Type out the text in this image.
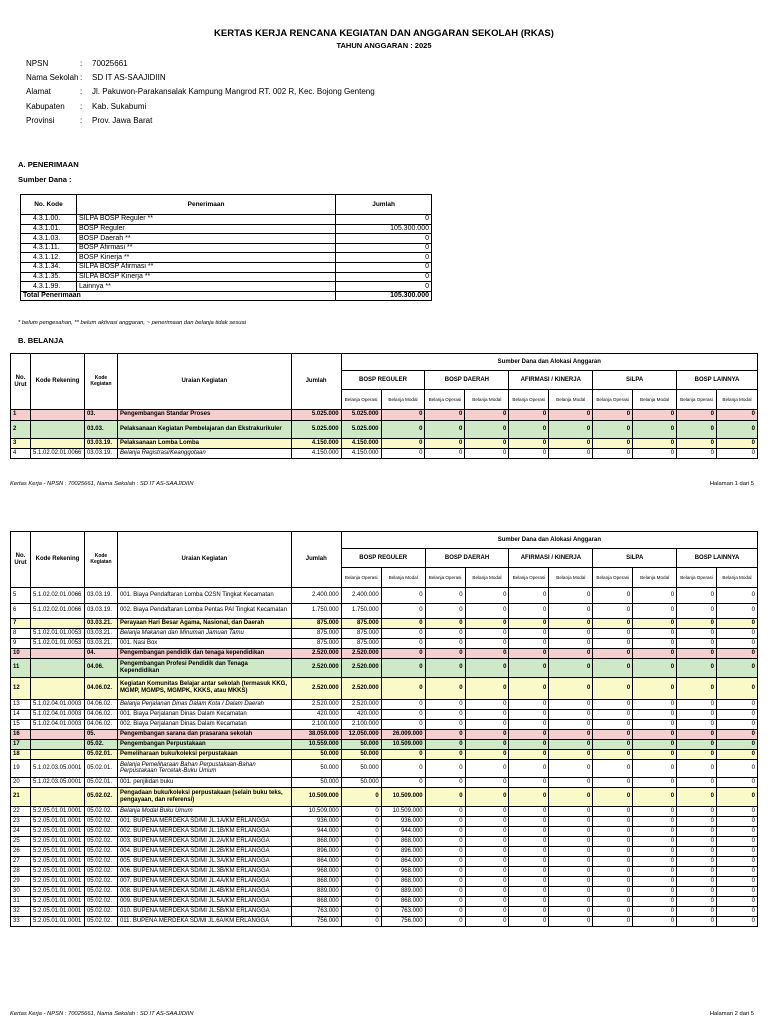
KERTAS KERJA RENCANA KEGIATAN DAN ANGGARAN SEKOLAH (RKAS)
TAHUN ANGGARAN : 2025
NPSN	:	70025661
Nama Sekolah :	SD IT AS-SAAJIDIIN
Alamat	:	Jl. Pakuwon-Parakansalak Kampung Mangrod RT. 002 R, Kec. Bojong Genteng
Kabupaten	:	Kab. Sukabumi
Provinsi	:	Prov. Jawa Barat
A. PENERIMAAN
Sumber Dana :
No. Kode	Penerimaan	Jumlah
4.3.1.00.	SILPA BOSP Reguler **	0
4.3.1.01.	BOSP Reguler	105.300.000
4.3.1.03.	BOSP Daerah **	0
4.3.1.11.	BOSP Afirmasi **	0
4.3.1.12.	BOSP Kinerja **	0
4.3.1.34.	SILPA BOSP Afirmasi **	0
4.3.1.35.	SILPA BOSP Kinerja **	0
4.3.1.99.	Lainnya **	0
Total Penerimaan		105.300.000
* belum pengesahan, ** belum aktivasi anggaran, ~ penerimaan dan belanja tidak sesuai
B. BELANJA
No. Urut	Kode Rekening	Kode Kegiatan	Uraian Kegiatan	Jumlah	Sumber Dana dan Alokasi Anggaran									
					BOSP REGULER		BOSP DAERAH		AFIRMASI / KINERJA		SiLPA		BOSP LAINNYA	
					Belanja Operasi	Belanja Modal	Belanja Operasi	Belanja Modal	Belanja Operasi	Belanja Modal	Belanja Operasi	Belanja Modal	Belanja Operasi	Belanja Modal
1		03.	Pengembangan Standar Proses	5.025.000	5.025.000	0	0	0	0	0	0	0	0	0
2		03.03.	Pelaksanaan Kegiatan Pembelajaran dan Ekstrakurikuler	5.025.000	5.025.000	0	0	0	0	0	0	0	0	0
3		03.03.19.	Pelaksanaan Lomba Lomba	4.150.000	4.150.000	0	0	0	0	0	0	0	0	0
4	5.1.02.02.01.0066	03.03.19.	Belanja Registrasi/Keanggotaan	4.150.000	4.150.000	0	0	0	0	0	0	0	0	0
Kertas Kerja - NPSN : 70025661, Nama Sekolah : SD IT AS-SAAJIDIIN	Halaman 1 dari 5
No. Urut	Kode Rekening	Kode Kegiatan	Uraian Kegiatan	Jumlah	Sumber Dana dan Alokasi Anggaran									
					BOSP REGULER		BOSP DAERAH		AFIRMASI / KINERJA		SiLPA		BOSP LAINNYA	
					Belanja Operasi	Belanja Modal	Belanja Operasi	Belanja Modal	Belanja Operasi	Belanja Modal	Belanja Operasi	Belanja Modal	Belanja Operasi	Belanja Modal
5	5.1.02.02.01.0066	03.03.19.	001. Biaya Pendaftaran Lomba O2SN Tingkat Kecamatan	2.400.000	2.400.000	0	0	0	0	0	0	0	0	0
6	5.1.02.02.01.0066	03.03.19.	002. Biaya Pendaftaran Lomba Pentas PAI Tingkat Kecamatan	1.750.000	1.750.000	0	0	0	0	0	0	0	0	0
7		03.03.21.	Perayaan Hari Besar Agama, Nasional, dan Daerah	875.000	875.000	0	0	0	0	0	0	0	0	0
8	5.1.02.01.01.0053	03.03.21.	Belanja Makanan dan Minuman Jamuan Tamu	875.000	875.000	0	0	0	0	0	0	0	0	0
9	5.1.02.01.01.0053	03.03.21.	001. Nasi Box	875.000	875.000	0	0	0	0	0	0	0	0	0
10		04.	Pengembangan pendidik dan tenaga kependidikan	2.520.000	2.520.000	0	0	0	0	0	0	0	0	0
11		04.06.	Pengembangan Profesi Pendidik dan Tenaga Kependidikan	2.520.000	2.520.000	0	0	0	0	0	0	0	0	0
12		04.06.02.	Kegiatan Komunitas Belajar antar sekolah (termasuk KKG, MGMP, MGMPS, MGMPK, KKKS, atau MKKS)	2.520.000	2.520.000	0	0	0	0	0	0	0	0	0
13	5.1.02.04.01.0003	04.06.02.	Belanja Perjalanan Dinas Dalam Kota / Dalam Daerah	2.520.000	2.520.000	0	0	0	0	0	0	0	0	0
14	5.1.02.04.01.0003	04.06.02.	001. Biaya Perjalanan Dinas Dalam Kecamatan	420.000	420.000	0	0	0	0	0	0	0	0	0
15	5.1.02.04.01.0003	04.06.02.	002. Biaya Perjalanan Dinas Dalam Kecamatan	2.100.000	2.100.000	0	0	0	0	0	0	0	0	0
16		05.	Pengembangan sarana dan prasarana sekolah	38.059.000	12.050.000	26.009.000	0	0	0	0	0	0	0	0
17		05.02.	Pengembangan Perpustakaan	10.559.000	50.000	10.509.000	0	0	0	0	0	0	0	0
18		05.02.01.	Pemeliharaan buku/koleksi perpustakaan	50.000	50.000	0	0	0	0	0	0	0	0	0
19	5.1.02.03.05.0001	05.02.01.	Belanja Pemeliharaan Bahan Perpustakaan-Bahan Perpustakaan Tercetak-Buku Umum	50.000	50.000	0	0	0	0	0	0	0	0	0
20	5.1.02.03.05.0001	05.02.01.	001. penjilidan buku	50.000	50.000	0	0	0	0	0	0	0	0	0
21		05.02.02.	Pengadaan buku/koleksi perpustakaan (selain buku teks, pengayaan, dan referensi)	10.509.000	0	10.509.000	0	0	0	0	0	0	0	0
22	5.2.05.01.01.0001	05.02.02.	Belanja Modal Buku Umum	10.509.000	0	10.509.000	0	0	0	0	0	0	0	0
23	5.2.05.01.01.0001	05.02.02.	001. BUPENA MERDEKA SD/MI JL.1A/KM ERLANGGA	936.000	0	936.000	0	0	0	0	0	0	0	0
24	5.2.05.01.01.0001	05.02.02.	002. BUPENA MERDEKA SD/MI JL.1B/KM ERLANGGA	944.000	0	944.000	0	0	0	0	0	0	0	0
25	5.2.05.01.01.0001	05.02.02.	003. BUPENA MERDEKA SD/MI JL.2A/KM ERLANGGA	868.000	0	868.000	0	0	0	0	0	0	0	0
26	5.2.05.01.01.0001	05.02.02.	004. BUPENA MERDEKA SD/MI JL.2B/KM ERLANGGA	896.000	0	896.000	0	0	0	0	0	0	0	0
27	5.2.05.01.01.0001	05.02.02.	005. BUPENA MERDEKA SD/MI JL.3A/KM ERLANGGA	864.000	0	864.000	0	0	0	0	0	0	0	0
28	5.2.05.01.01.0001	05.02.02.	006. BUPENA MERDEKA SD/MI JL.3B/KM ERLANGGA	968.000	0	968.000	0	0	0	0	0	0	0	0
29	5.2.05.01.01.0001	05.02.02.	007. BUPENA MERDEKA SD/MI JL.4A/KM ERLANGGA	868.000	0	868.000	0	0	0	0	0	0	0	0
30	5.2.05.01.01.0001	05.02.02.	008. BUPENA MERDEKA SD/MI JL.4B/KM ERLANGGA	889.000	0	889.000	0	0	0	0	0	0	0	0
31	5.2.05.01.01.0001	05.02.02.	009. BUPENA MERDEKA SD/MI JL.5A/KM ERLANGGA	868.000	0	868.000	0	0	0	0	0	0	0	0
32	5.2.05.01.01.0001	05.02.02.	010. BUPENA MERDEKA SD/MI JL.5B/KM ERLANGGA	763.000	0	763.000	0	0	0	0	0	0	0	0
33	5.2.05.01.01.0001	05.02.02.	011. BUPENA MERDEKA SD/MI JL.6A/KM ERLANGGA	756.000	0	756.000	0	0	0	0	0	0	0	0
Kertas Kerja - NPSN : 70025661, Nama Sekolah : SD IT AS-SAAJIDIIN	Halaman 2 dari 5
